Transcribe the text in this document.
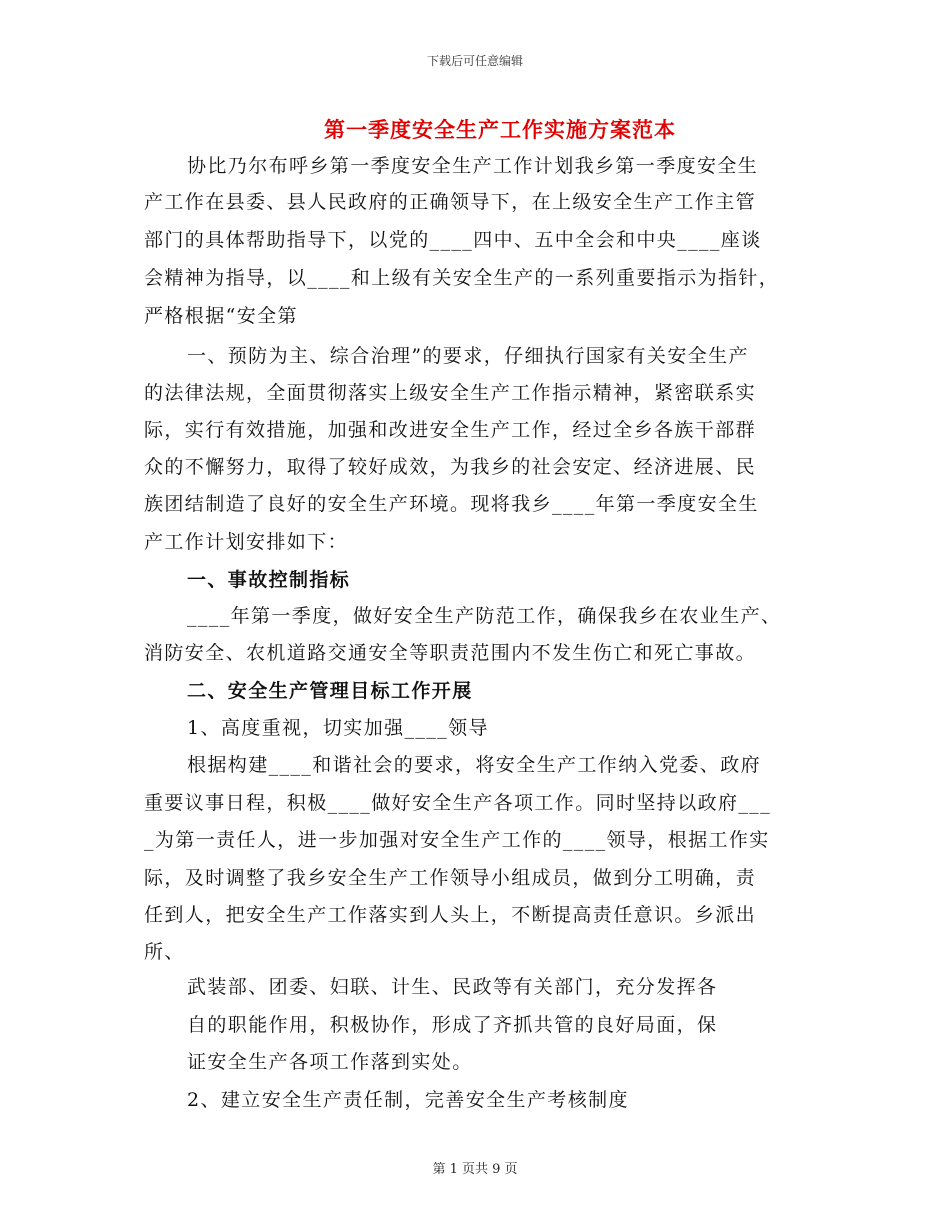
下载后可任意编辑
第一季度安全生产工作实施方案范本
协比乃尔布呼乡第一季度安全生产工作计划我乡第一季度安全生
产工作在县委、县人民政府的正确领导下，在上级安全生产工作主管
部门的具体帮助指导下，以党的____四中、五中全会和中央____座谈
会精神为指导，以____和上级有关安全生产的一系列重要指示为指针，
严格根据“安全第
一、预防为主、综合治理”的要求，仔细执行国家有关安全生产
的法律法规，全面贯彻落实上级安全生产工作指示精神，紧密联系实
际，实行有效措施，加强和改进安全生产工作，经过全乡各族干部群
众的不懈努力，取得了较好成效，为我乡的社会安定、经济进展、民
族团结制造了良好的安全生产环境。现将我乡____年第一季度安全生
产工作计划安排如下：
一、事故控制指标
____年第一季度，做好安全生产防范工作，确保我乡在农业生产、
消防安全、农机道路交通安全等职责范围内不发生伤亡和死亡事故。
二、安全生产管理目标工作开展
1、高度重视，切实加强____领导
根据构建____和谐社会的要求，将安全生产工作纳入党委、政府
重要议事日程，积极____做好安全生产各项工作。同时坚持以政府___
_为第一责任人，进一步加强对安全生产工作的____领导，根据工作实
际，及时调整了我乡安全生产工作领导小组成员，做到分工明确，责
任到人，把安全生产工作落实到人头上，不断提高责任意识。乡派出
所、
武装部、团委、妇联、计生、民政等有关部门，充分发挥各
自的职能作用，积极协作，形成了齐抓共管的良好局面，保
证安全生产各项工作落到实处。
2、建立安全生产责任制，完善安全生产考核制度
第 1 页共 9 页
